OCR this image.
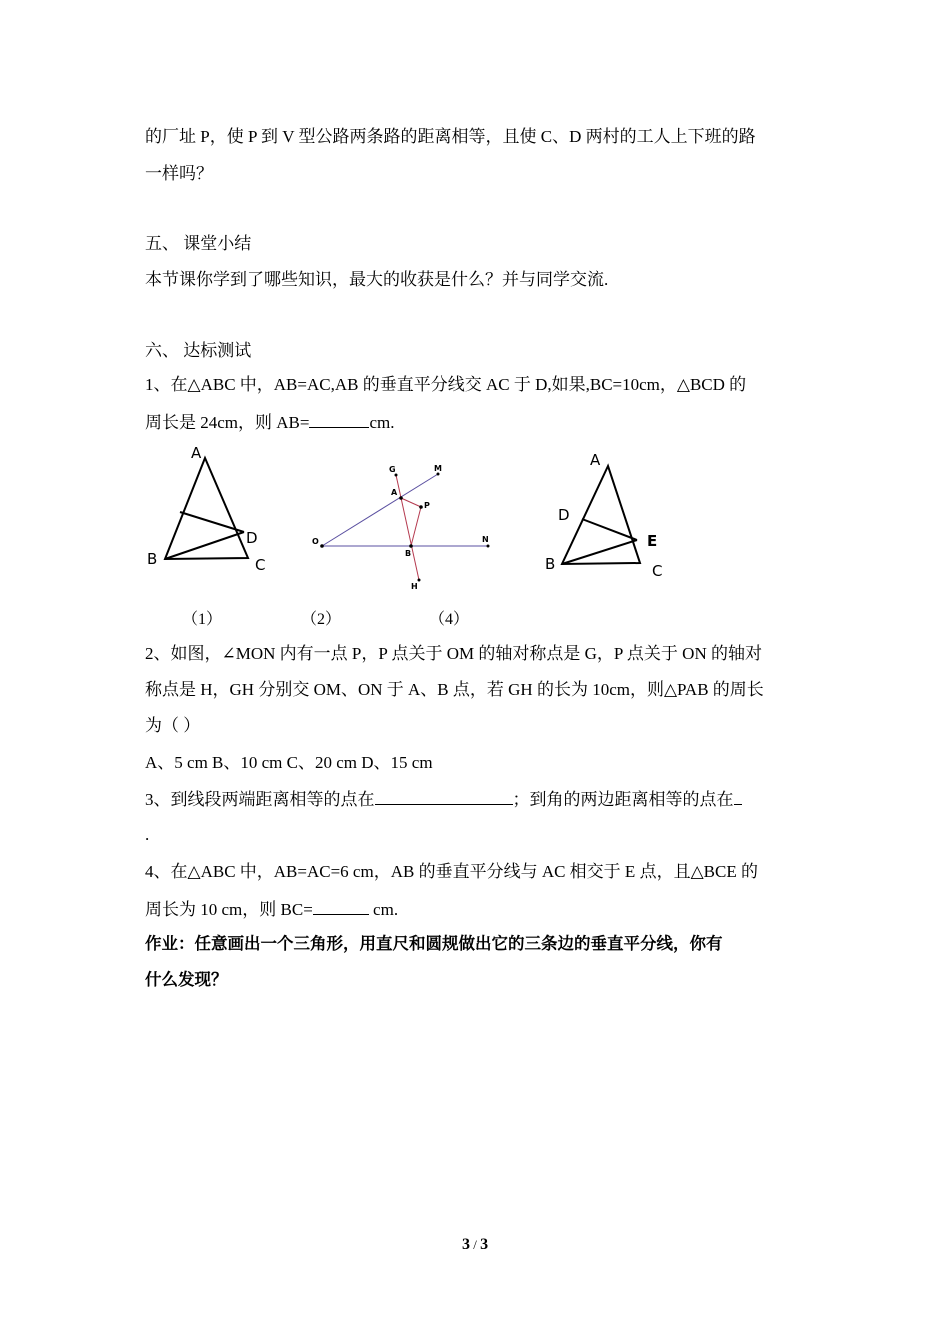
的厂址 P，使 P 到 V 型公路两条路的距离相等，且使 C、D 两村的工人上下班的路
一样吗？
五、 课堂小结
本节课你学到了哪些知识，最大的收获是什么？并与同学交流.
六、 达标测试
1、在△ABC 中，AB=AC,AB 的垂直平分线交 AC 于 D,如果,BC=10cm，△BCD 的
周长是 24cm，则 AB=	cm.
A
B	C
D
G	M
A
P
O
B
N
H
A
D
B	C
E
（1）	（2）	（4）
2、如图，∠MON 内有一点 P，P 点关于 OM 的轴对称点是 G，P 点关于 ON 的轴对
称点是 H，GH 分别交 OM、ON 于 A、B 点，若 GH 的长为 10cm，则△PAB 的周长
为（ ）
A、5 cm B、10 cm C、20 cm D、15 cm
3、到线段两端距离相等的点在	；到角的两边距离相等的点在
.
4、在△ABC 中，AB=AC=6 cm，AB 的垂直平分线与 AC 相交于 E 点，且△BCE 的
周长为 10 cm，则 BC=	cm.
作业：任意画出一个三角形，用直尺和圆规做出它的三条边的垂直平分线，你有
什么发现？
3 / 3
